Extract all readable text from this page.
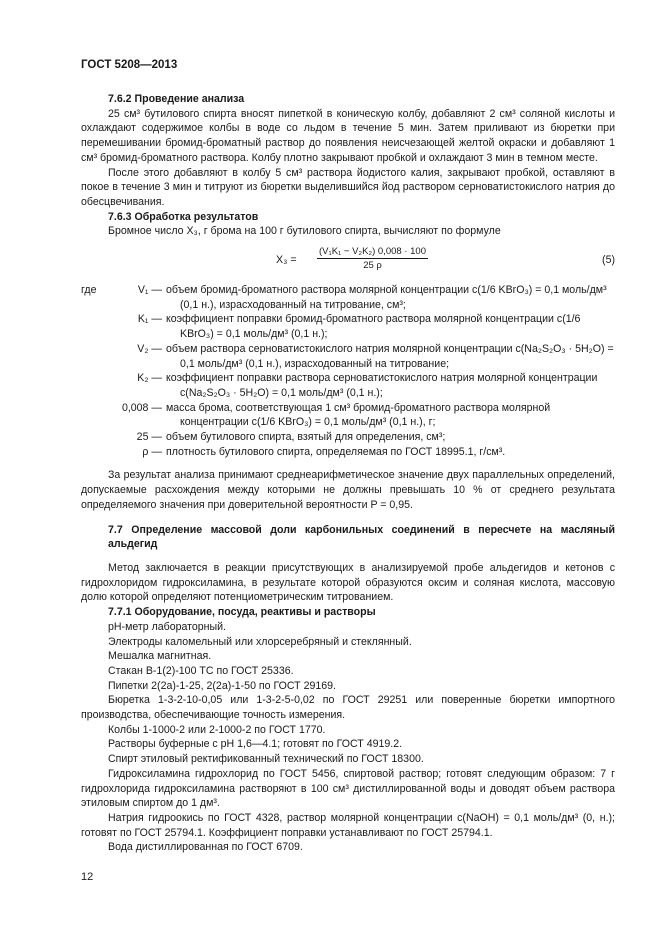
ГОСТ 5208—2013

7.6.2 Проведение анализа

25 см³ бутилового спирта вносят пипеткой в коническую колбу, добавляют 2 см³ соляной кислоты и охлаждают содержимое колбы в воде со льдом в течение 5 мин. Затем приливают из бюретки при перемешивании бромид-броматный раствор до появления неисчезающей желтой окраски и добавляют 1 см³ бромид-броматного раствора. Колбу плотно закрывают пробкой и охлаждают 3 мин в темном месте.

После этого добавляют в колбу 5 см³ раствора йодистого калия, закрывают пробкой, оставляют в покое в течение 3 мин и титруют из бюретки выделившийся йод раствором серноватистокислого натрия до обесцвечивания.

7.6.3 Обработка результатов

Бромное число X₃, г брома на 100 г бутилового спирта, вычисляют по формуле

$X_3 = \frac{\text{(V₁K₁ − V₂K₂) 0,008 · 100}}{25 \rho}$	(5)
где	V₁ — объем бромид-броматного раствора молярной концентрации c(1/6 KBrO₃) = 0,1 моль/дм³ (0,1 н.), израсходованный на титрование, см³;
K₁ — коэффициент поправки бромид-броматного раствора молярной концентрации c(1/6 KBrO₃) = 0,1 моль/дм³ (0,1 н.);
V₂ — объем раствора серноватистокислого натрия молярной концентрации c(Na₂S₂O₃ · 5H₂O) = 0,1 моль/дм³ (0,1 н.), израсходованный на титрование;
K₂ — коэффициент поправки раствора серноватистокислого натрия молярной концентрации c(Na₂S₂O₃ · 5H₂O) = 0,1 моль/дм³ (0,1 н.);
0,008 — масса брома, соответствующая 1 см³ бромид-броматного раствора молярной концентрации c(1/6 KBrO₃) = 0,1 моль/дм³ (0,1 н.), г;
25 — объем бутилового спирта, взятый для определения, см³;
ρ — плотность бутилового спирта, определяемая по ГОСТ 18995.1, г/см³.

За результат анализа принимают среднеарифметическое значение двух параллельных определений, допускаемые расхождения между которыми не должны превышать 10 % от среднего результата определяемого значения при доверительной вероятности P = 0,95.

7.7 Определение массовой доли карбонильных соединений в пересчете на масляный альдегид

Метод заключается в реакции присутствующих в анализируемой пробе альдегидов и кетонов с гидрохлоридом гидроксиламина, в результате которой образуются оксим и соляная кислота, массовую долю которой определяют потенциометрическим титрованием.

7.7.1 Оборудование, посуда, реактивы и растворы

pH-метр лабораторный.

Электроды каломельный или хлорсеребряный и стеклянный.

Мешалка магнитная.

Стакан В-1(2)-100 ТС по ГОСТ 25336.

Пипетки 2(2а)-1-25, 2(2а)-1-50 по ГОСТ 29169.

Бюретка 1-3-2-10-0,05 или 1-3-2-5-0,02 по ГОСТ 29251 или поверенные бюретки импортного производства, обеспечивающие точность измерения.

Колбы 1-1000-2 или 2-1000-2 по ГОСТ 1770.

Растворы буферные с рН 1,6—4.1; готовят по ГОСТ 4919.2.

Спирт этиловый ректификованный технический по ГОСТ 18300.

Гидроксиламина гидрохлорид по ГОСТ 5456, спиртовой раствор; готовят следующим образом: 7 г гидрохлорида гидроксиламина растворяют в 100 см³ дистиллированной воды и доводят объем раствора этиловым спиртом до 1 дм³.

Натрия гидроокись по ГОСТ 4328, раствор молярной концентрации c(NaOH) = 0,1 моль/дм³ (0, н.); готовят по ГОСТ 25794.1. Коэффициент поправки устанавливают по ГОСТ 25794.1.

Вода дистиллированная по ГОСТ 6709.

12
